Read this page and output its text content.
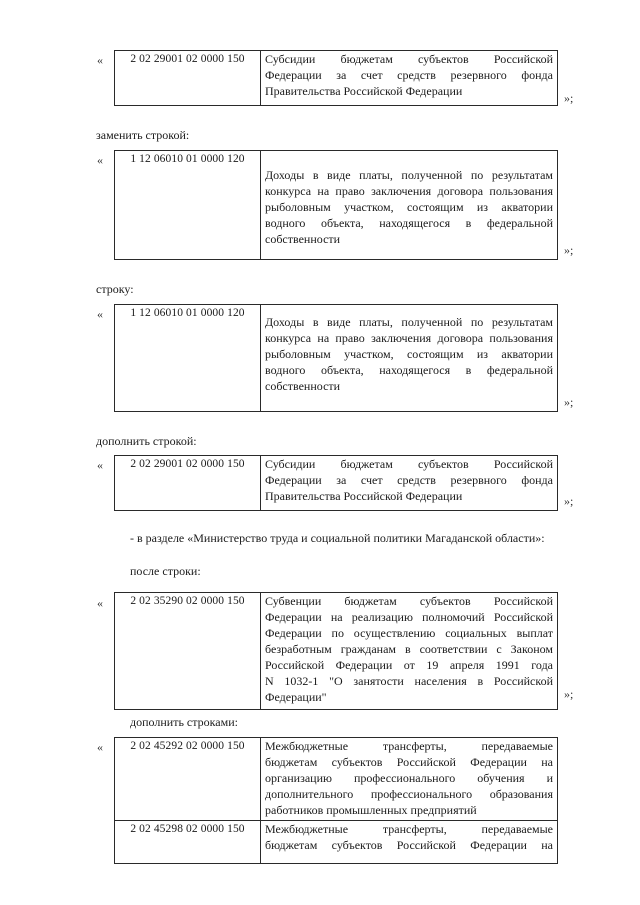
« 2 02 29001 02 0000 150	Субсидии бюджетам субъектов Российской
Федерации за счет средств резервного фонда
Правительства Российской Федерации	»;
заменить строкой:
« 1 12 06010 01 0000 120	
Доходы в виде платы, полученной по результатам
конкурса на право заключения договора пользования
рыболовным участком, состоящим из акватории
водного объекта, находящегося в федеральной
собственности
»;
строку:
« 1 12 06010 01 0000 120	
Доходы в виде платы, полученной по результатам
конкурса на право заключения договора пользования
рыболовным участком, состоящим из акватории
водного объекта, находящегося в федеральной
собственности
»;
дополнить строкой:
« 2 02 29001 02 0000 150	Субсидии бюджетам субъектов Российской
Федерации за счет средств резервного фонда
Правительства Российской Федерации	»;
- в разделе «Министерство труда и социальной политики Магаданской области»:
после строки:
« 2 02 35290 02 0000 150	Субвенции бюджетам субъектов Российской
Федерации на реализацию полномочий Российской
Федерации по осуществлению социальных выплат
безработным гражданам в соответствии с Законом
Российской Федерации от 19 апреля 1991 года
N 1032-1 "О занятости населения в Российской
Федерации"	»;
дополнить строками:
« 2 02 45292 02 0000 150	Межбюджетные трансферты, передаваемые
бюджетам субъектов Российской Федерации на
организацию профессионального обучения и
дополнительного профессионального образования
работников промышленных предприятий

2 02 45298 02 0000 150	Межбюджетные трансферты, передаваемые
бюджетам субъектов Российской Федерации на
